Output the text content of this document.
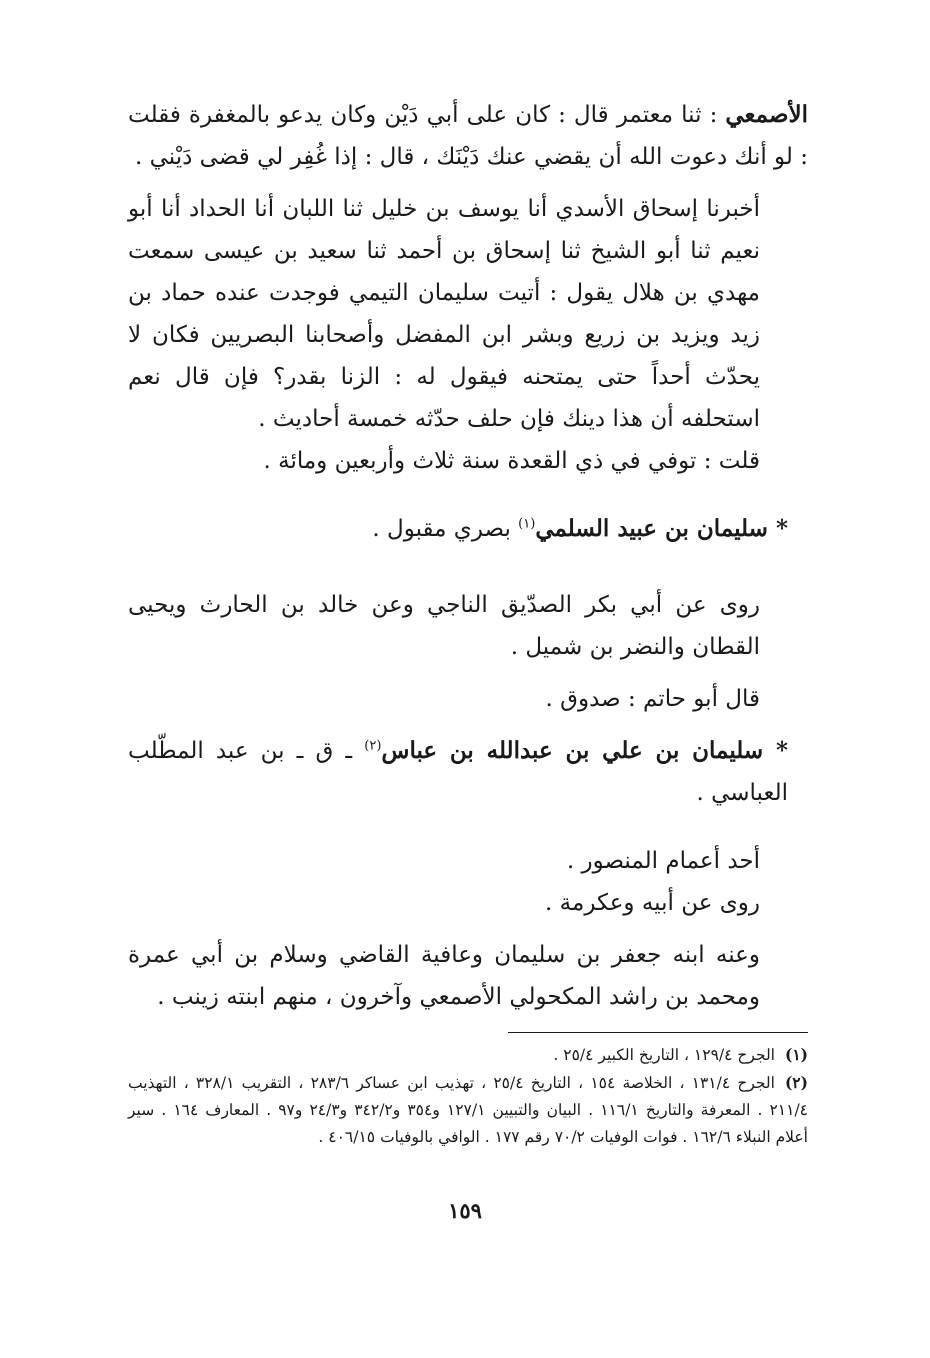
الأصمعي : ثنا معتمر قال : كان على أبي دَيْن وكان يدعو بالمغفرة فقلت : لو أنك دعوت الله أن يقضي عنك دَيْنَك ، قال : إذا غُفِر لي قضى دَيْني .

أخبرنا إسحاق الأسدي أنا يوسف بن خليل ثنا اللبان أنا الحداد أنا أبو نعيم ثنا أبو الشيخ ثنا إسحاق بن أحمد ثنا سعيد بن عيسى سمعت مهدي بن هلال يقول : أتيت سليمان التيمي فوجدت عنده حماد بن زيد ويزيد بن زريع وبشر ابن المفضل وأصحابنا البصريين فكان لا يحدّث أحداً حتى يمتحنه فيقول له : الزنا بقدر؟ فإن قال نعم استحلفه أن هذا دينك فإن حلف حدّثه خمسة أحاديث .

قلت : توفي في ذي القعدة سنة ثلاث وأربعين ومائة .

* سليمان بن عبيد السلمي$^{(١)}$ بصري مقبول .

روى عن أبي بكر الصدّيق الناجي وعن خالد بن الحارث ويحيى القطان والنضر بن شميل .

قال أبو حاتم : صدوق .

* سليمان بن علي بن عبدالله بن عباس$^{(٢)}$ ـ ق ـ بن عبد المطّلب العباسي .

أحد أعمام المنصور .

روى عن أبيه وعكرمة .

وعنه ابنه جعفر بن سليمان وعافية القاضي وسلام بن أبي عمرة ومحمد بن راشد المكحولي الأصمعي وآخرون ، منهم ابنته زينب .

(١)الجرح ١٢٩/٤ ، التاريخ الكبير ٢٥/٤ .

(٢)الجرح ١٣١/٤ ، الخلاصة ١٥٤ ، التاريخ ٢٥/٤ ، تهذيب ابن عساكر ٢٨٣/٦ ، التقريب ٣٢٨/١ ، التهذيب ٢١١/٤ . المعرفة والتاريخ ١١٦/١ . البيان والتبيين ١٢٧/١ و٣٥٤ و٣٤٢/٢ و٢٤/٣ و٩٧ . المعارف ١٦٤ . سير أعلام النبلاء ١٦٢/٦ . فوات الوفيات ٧٠/٢ رقم ١٧٧ . الوافي بالوفيات ٤٠٦/١٥ .

١٥٩
